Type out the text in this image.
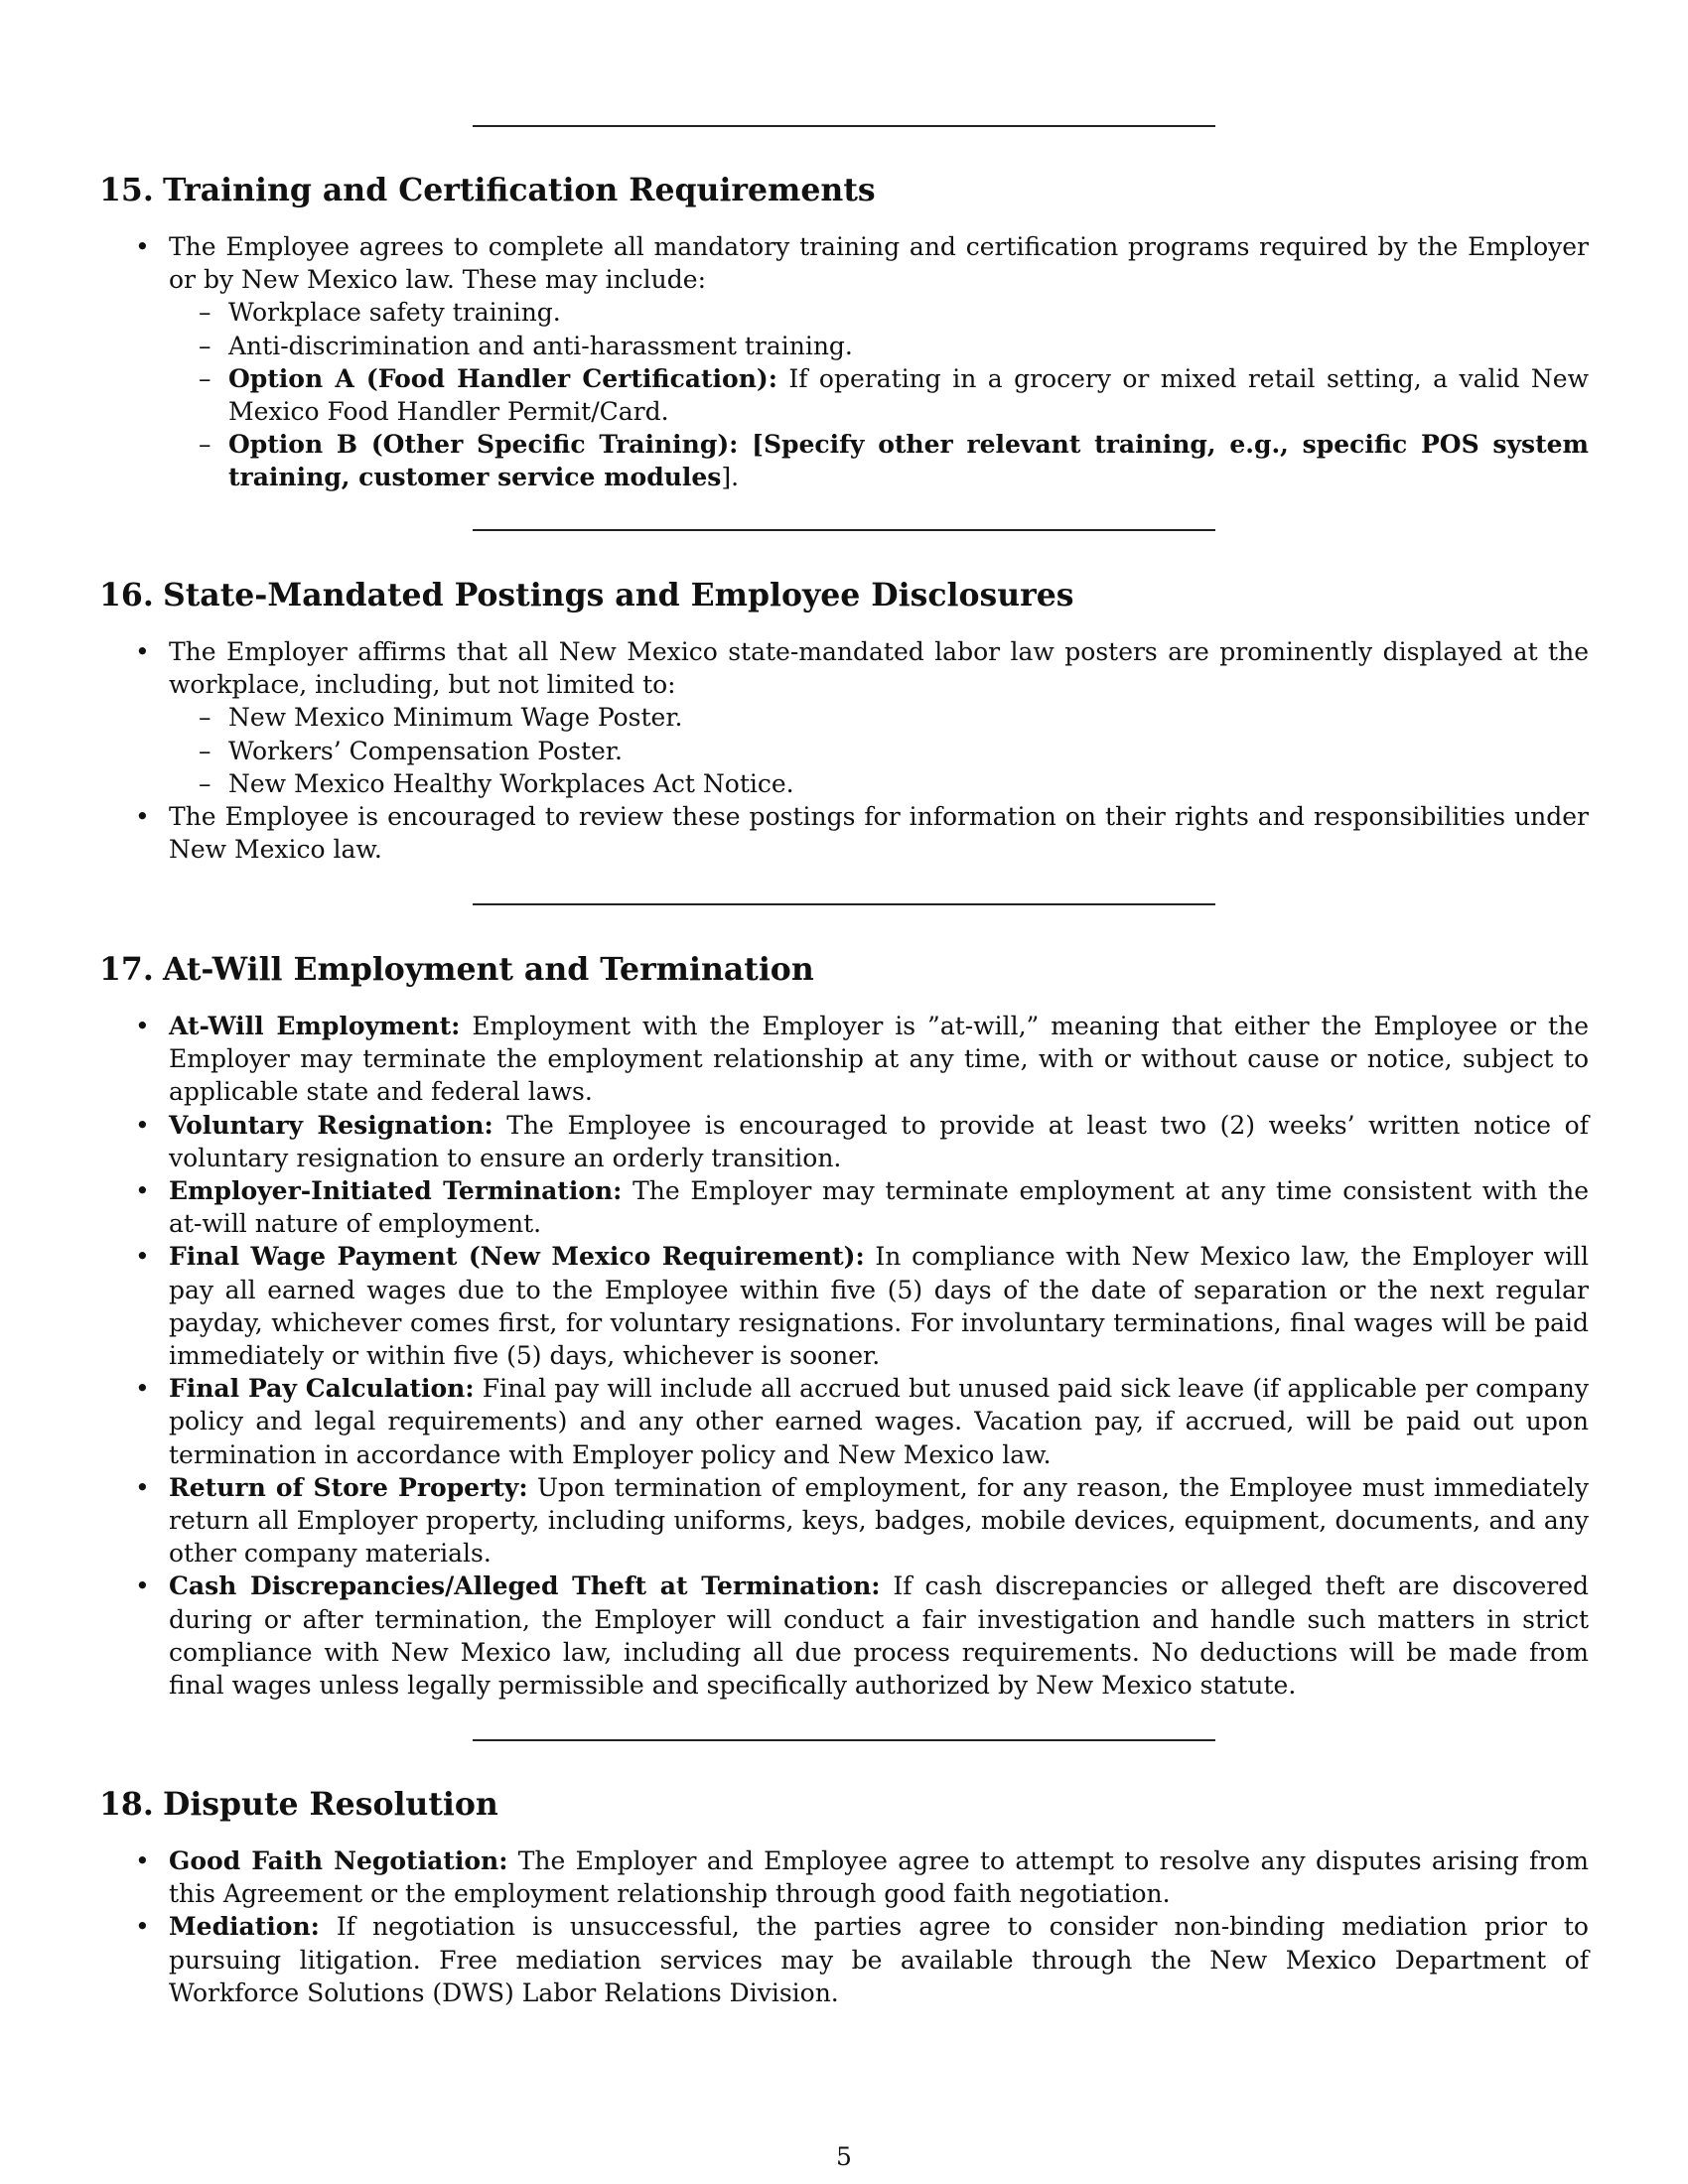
15. Training and Certification Requirements
• The Employee agrees to complete all mandatory training and certification programs required by the Employer or by New Mexico law. These may include:
– Workplace safety training.
– Anti-discrimination and anti-harassment training.
– Option A (Food Handler Certification): If operating in a grocery or mixed retail setting, a valid New Mexico Food Handler Permit/Card.
– Option B (Other Specific Training): [Specify other relevant training, e.g., specific POS system training, customer service modules].
16. State-Mandated Postings and Employee Disclosures
• The Employer affirms that all New Mexico state-mandated labor law posters are prominently displayed at the workplace, including, but not limited to:
– New Mexico Minimum Wage Poster.
– Workers’ Compensation Poster.
– New Mexico Healthy Workplaces Act Notice.
• The Employee is encouraged to review these postings for information on their rights and responsibilities under New Mexico law.
17. At-Will Employment and Termination
• At-Will Employment: Employment with the Employer is ”at-will,” meaning that either the Employee or the Employer may terminate the employment relationship at any time, with or without cause or notice, subject to applicable state and federal laws.
• Voluntary Resignation: The Employee is encouraged to provide at least two (2) weeks’ written notice of voluntary resignation to ensure an orderly transition.
• Employer-Initiated Termination: The Employer may terminate employment at any time consistent with the at-will nature of employment.
• Final Wage Payment (New Mexico Requirement): In compliance with New Mexico law, the Employer will pay all earned wages due to the Employee within five (5) days of the date of separation or the next regular payday, whichever comes first, for voluntary resignations. For involuntary terminations, final wages will be paid immediately or within five (5) days, whichever is sooner.
• Final Pay Calculation: Final pay will include all accrued but unused paid sick leave (if applicable per company policy and legal requirements) and any other earned wages. Vacation pay, if accrued, will be paid out upon termination in accordance with Employer policy and New Mexico law.
• Return of Store Property: Upon termination of employment, for any reason, the Employee must immediately return all Employer property, including uniforms, keys, badges, mobile devices, equipment, documents, and any other company materials.
• Cash Discrepancies/Alleged Theft at Termination: If cash discrepancies or alleged theft are discovered during or after termination, the Employer will conduct a fair investigation and handle such matters in strict compliance with New Mexico law, including all due process requirements. No deductions will be made from final wages unless legally permissible and specifically authorized by New Mexico statute.
18. Dispute Resolution
• Good Faith Negotiation: The Employer and Employee agree to attempt to resolve any disputes arising from this Agreement or the employment relationship through good faith negotiation.
• Mediation: If negotiation is unsuccessful, the parties agree to consider non-binding mediation prior to pursuing litigation. Free mediation services may be available through the New Mexico Department of Workforce Solutions (DWS) Labor Relations Division.
5
